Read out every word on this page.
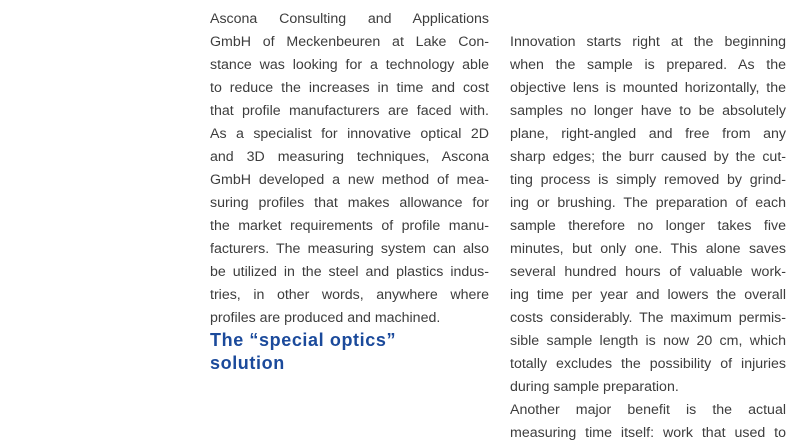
Ascona Consulting and Applications
GmbH of Meckenbeuren at Lake Con-
stance was looking for a technology able
to reduce the increases in time and cost
that profile manufacturers are faced with.
As a specialist for innovative optical 2D
and 3D measuring techniques, Ascona
GmbH developed a new method of mea-
suring profiles that makes allowance for
the market requirements of profile manu-
facturers. The measuring system can also
be utilized in the steel and plastics indus-
tries, in other words, anywhere where
profiles are produced and machined.
The “special optics”
solution
Innovation starts right at the beginning
when the sample is prepared. As the
objective lens is mounted horizontally, the
samples no longer have to be absolutely
plane, right-angled and free from any
sharp edges; the burr caused by the cut-
ting process is simply removed by grind-
ing or brushing. The preparation of each
sample therefore no longer takes five
minutes, but only one. This alone saves
several hundred hours of valuable work-
ing time per year and lowers the overall
costs considerably. The maximum permis-
sible sample length is now 20 cm, which
totally excludes the possibility of injuries
during sample preparation.
Another major benefit is the actual
measuring time itself: work that used to
